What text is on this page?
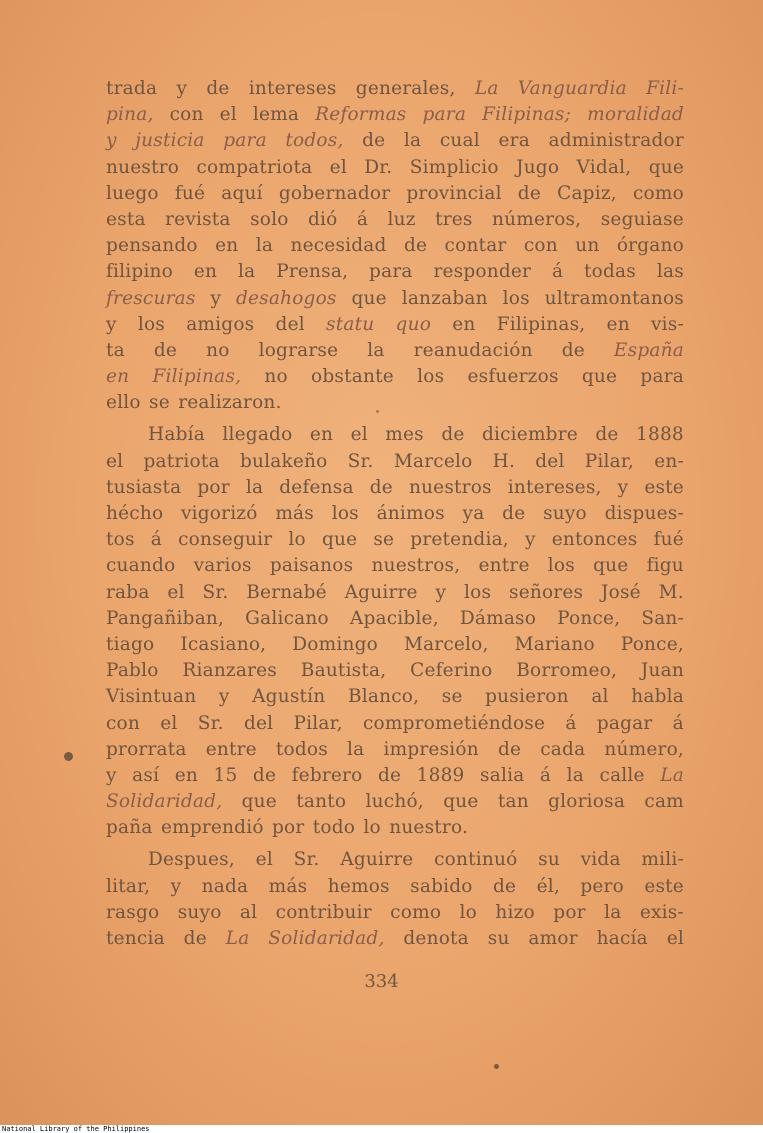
trada y de intereses generales, La Vanguardia Fili-
pina, con el lema Reformas para Filipinas; moralidad
y justicia para todos, de la cual era administrador
nuestro compatriota el Dr. Simplicio Jugo Vidal, que
luego fué aquí gobernador provincial de Capiz, como
esta revista solo dió á luz tres números, seguiase
pensando en la necesidad de contar con un órgano
filipino en la Prensa, para responder á todas las
frescuras y desahogos que lanzaban los ultramontanos
y los amigos del statu quo en Filipinas, en vis-
ta de no lograrse la reanudación de España
en Filipinas, no obstante los esfuerzos que para
ello se realizaron.
Había llegado en el mes de diciembre de 1888
el patriota bulakeño Sr. Marcelo H. del Pilar, en-
tusiasta por la defensa de nuestros intereses, y este
hécho vigorizó más los ánimos ya de suyo dispues-
tos á conseguir lo que se pretendia, y entonces fué
cuando varios paisanos nuestros, entre los que figu
raba el Sr. Bernabé Aguirre y los señores José M.
Pangañiban, Galicano Apacible, Dámaso Ponce, San-
tiago Icasiano, Domingo Marcelo, Mariano Ponce,
Pablo Rianzares Bautista, Ceferino Borromeo, Juan
Visintuan y Agustín Blanco, se pusieron al habla
con el Sr. del Pilar, comprometiéndose á pagar á
prorrata entre todos la impresión de cada número,
y así en 15 de febrero de 1889 salia á la calle La
Solidaridad, que tanto luchó, que tan gloriosa cam
paña emprendió por todo lo nuestro.
Despues, el Sr. Aguirre continuó su vida mili-
litar, y nada más hemos sabido de él, pero este
rasgo suyo al contribuir como lo hizo por la exis-
tencia de La Solidaridad, denota su amor hacía el
334
National Library of the Philippines
